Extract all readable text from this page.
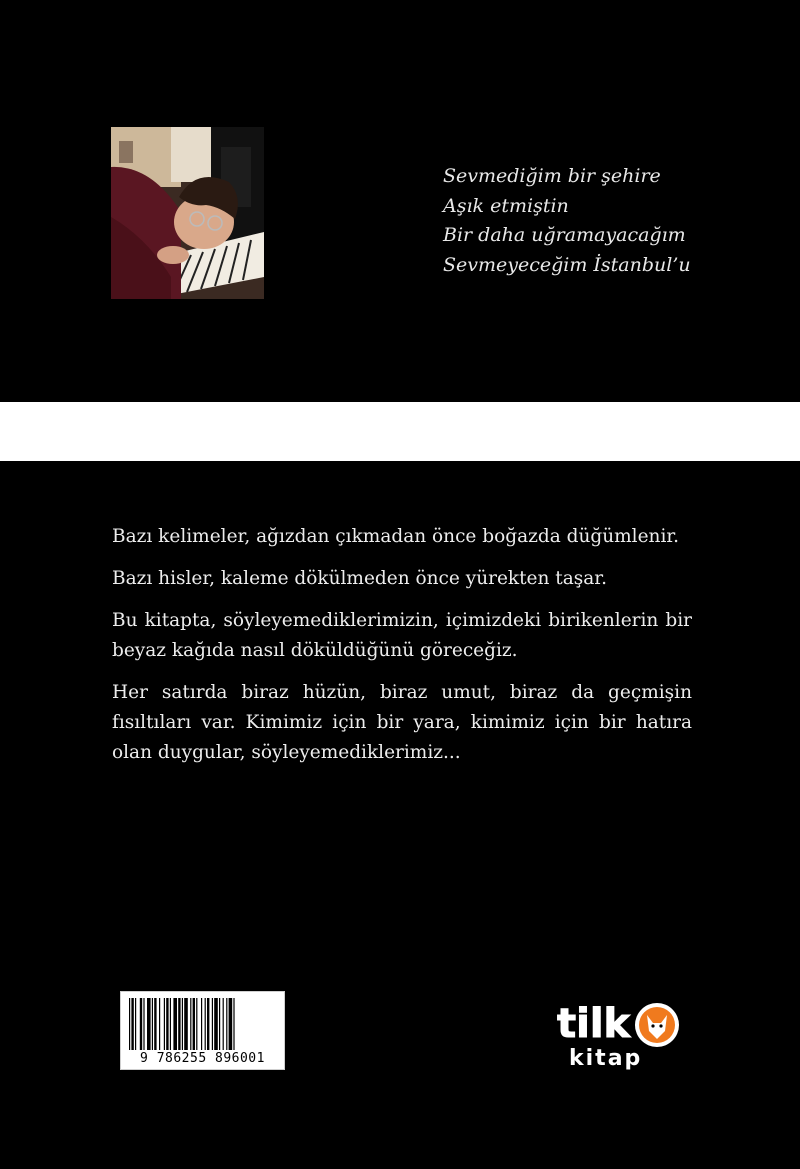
Sevmediğim bir şehire
Aşık etmiştin
Bir daha uğramayacağım
Sevmeyeceğim İstanbul’u

Bazı kelimeler, ağızdan çıkmadan önce boğazda düğümlenir.

Bazı hisler, kaleme dökülmeden önce yürekten taşar.

Bu kitapta, söyleyemediklerimizin, içimizdeki birikenlerin bir beyaz kağıda nasıl döküldüğünü göreceğiz.

Her satırda biraz hüzün, biraz umut, biraz da geçmişin fısıltıları var. Kimimiz için bir yara, kimimiz için bir hatıra olan duygular, söyleyemediklerimiz...

9 786255 896001
tilk
kitap
